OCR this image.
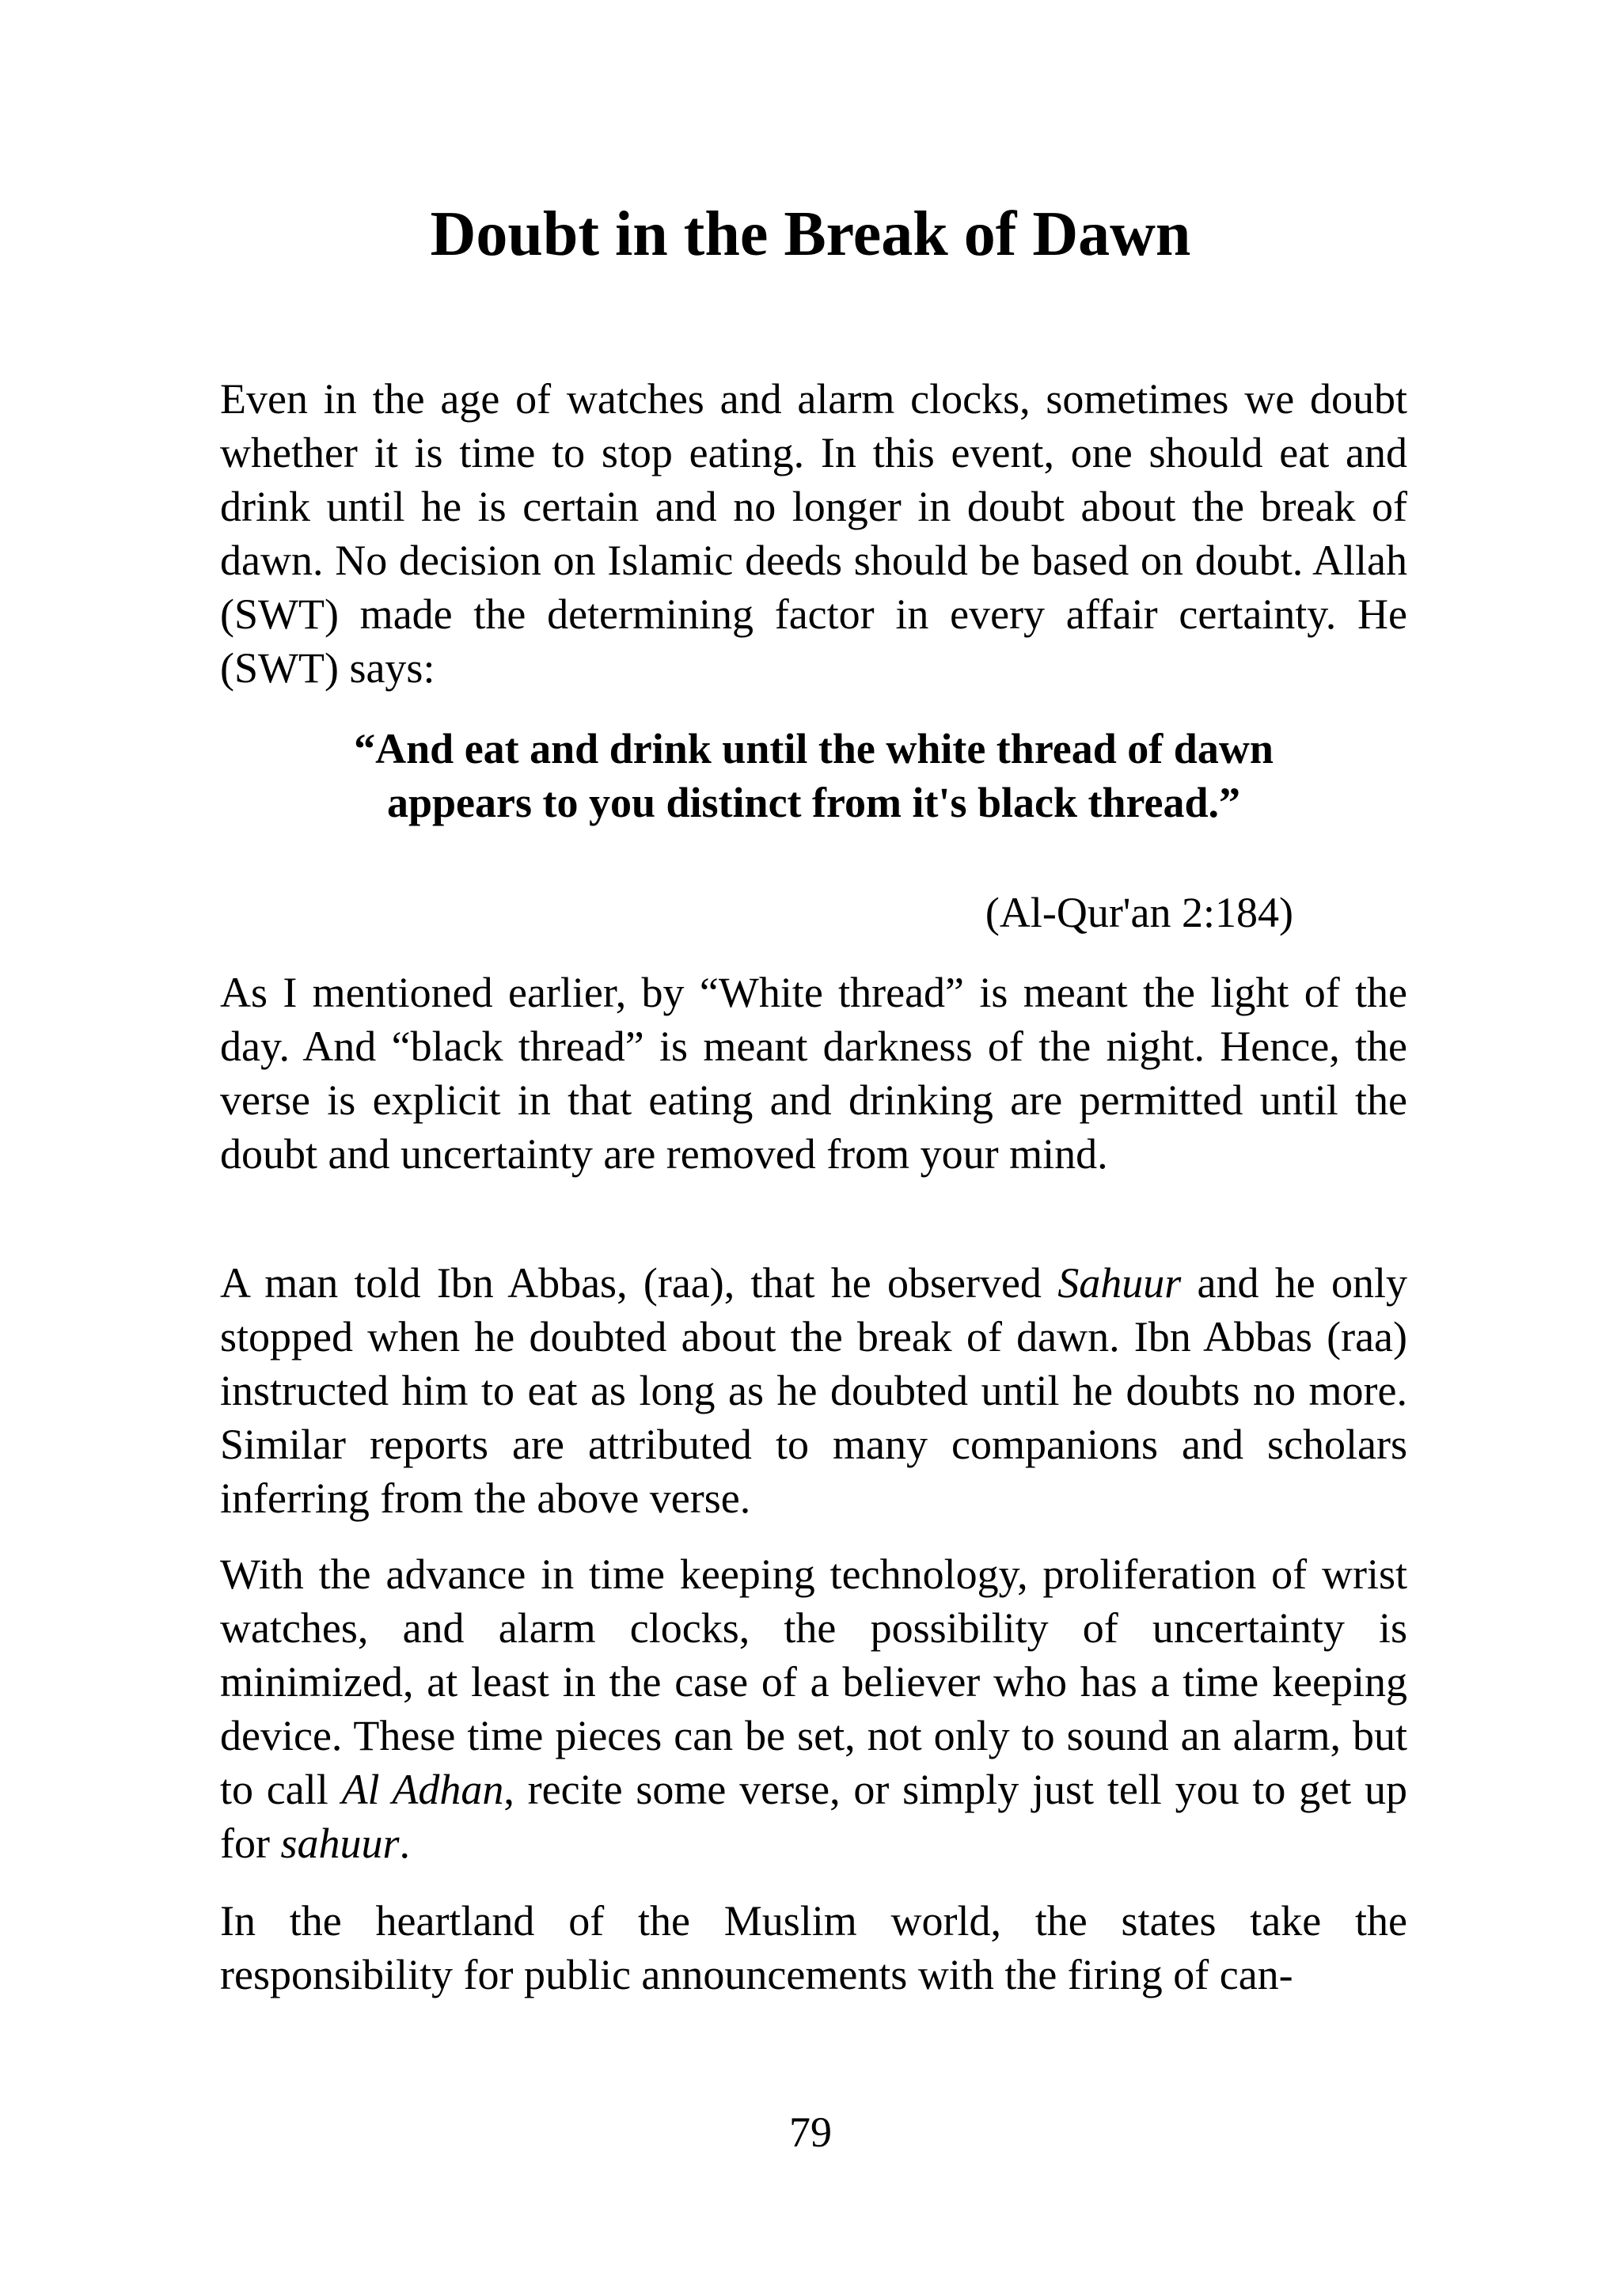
Doubt in the Break of Dawn

Even in the age of watches and alarm clocks, sometimes we doubt whether it is time to stop eating. In this event, one should eat and drink until he is certain and no longer in doubt about the break of dawn. No decision on Islamic deeds should be based on doubt. Allah (SWT) made the determining factor in every affair certainty. He (SWT) says:

“And eat and drink until the white thread of dawn appears to you distinct from it's black thread.”

(Al-Qur'an 2:184)

As I mentioned earlier, by “White thread” is meant the light of the day. And “black thread” is meant darkness of the night. Hence, the verse is explicit in that eating and drinking are permitted until the doubt and uncertainty are removed from your mind.

A man told Ibn Abbas, (raa), that he observed Sahuur and he only stopped when he doubted about the break of dawn. Ibn Abbas (raa) instructed him to eat as long as he doubted until he doubts no more. Similar reports are attributed to many companions and scholars inferring from the above verse.

With the advance in time keeping technology, proliferation of wrist watches, and alarm clocks, the possibility of uncertainty is minimized, at least in the case of a believer who has a time keeping device. These time pieces can be set, not only to sound an alarm, but to call Al Adhan, recite some verse, or simply just tell you to get up for sahuur.

In the heartland of the Muslim world, the states take the responsibility for public announcements with the firing of can-

79
